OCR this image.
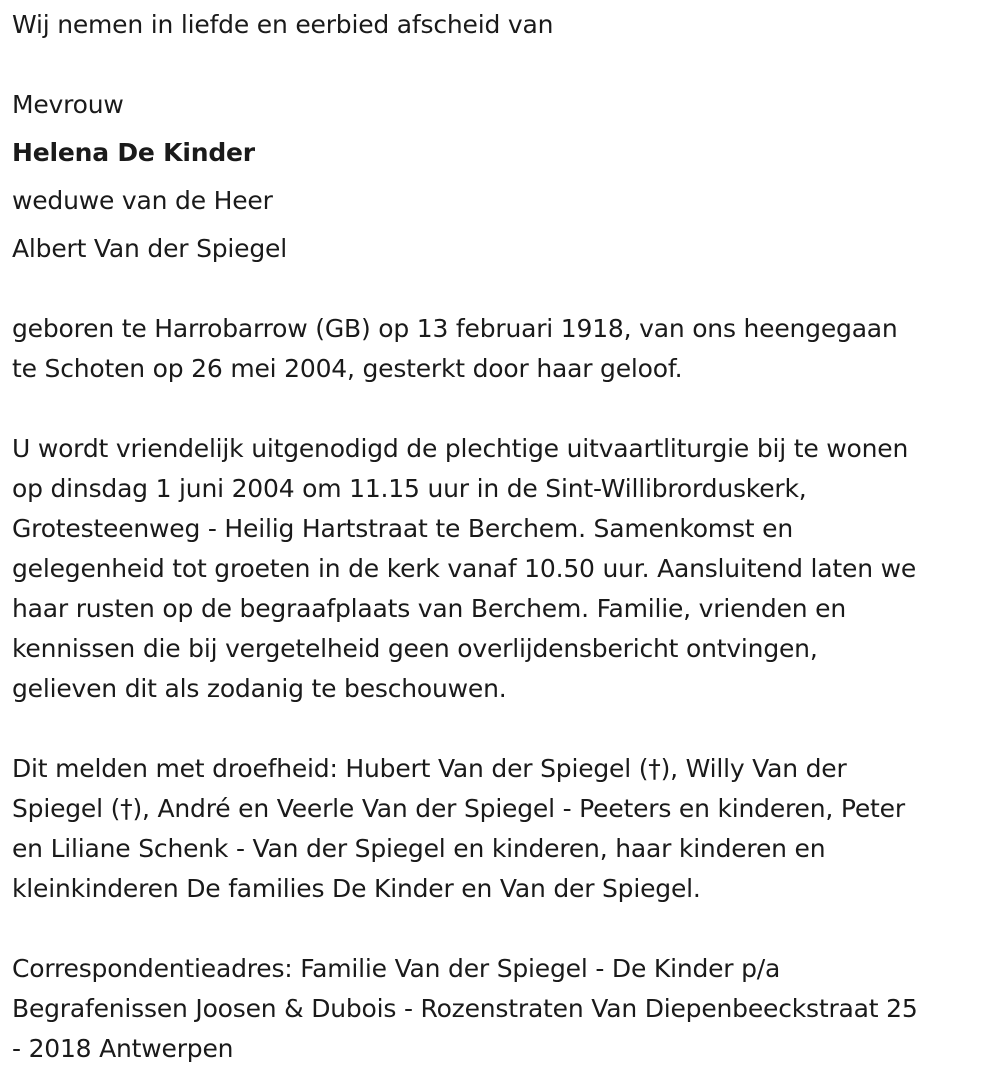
Wij nemen in liefde en eerbied afscheid van
Mevrouw
Helena De Kinder
weduwe van de Heer
Albert Van der Spiegel
geboren te Harrobarrow (GB) op 13 februari 1918, van ons heengegaan
te Schoten op 26 mei 2004, gesterkt door haar geloof.
U wordt vriendelijk uitgenodigd de plechtige uitvaartliturgie bij te wonen
op dinsdag 1 juni 2004 om 11.15 uur in de Sint-Willibrorduskerk,
Grotesteenweg - Heilig Hartstraat te Berchem. Samenkomst en
gelegenheid tot groeten in de kerk vanaf 10.50 uur. Aansluitend laten we
haar rusten op de begraafplaats van Berchem. Familie, vrienden en
kennissen die bij vergetelheid geen overlijdensbericht ontvingen,
gelieven dit als zodanig te beschouwen.
Dit melden met droefheid: Hubert Van der Spiegel (†), Willy Van der
Spiegel (†), André en Veerle Van der Spiegel - Peeters en kinderen, Peter
en Liliane Schenk - Van der Spiegel en kinderen, haar kinderen en
kleinkinderen De families De Kinder en Van der Spiegel.
Correspondentieadres: Familie Van der Spiegel - De Kinder p/a
Begrafenissen Joosen & Dubois - Rozenstraten Van Diepenbeeckstraat 25
- 2018 Antwerpen
